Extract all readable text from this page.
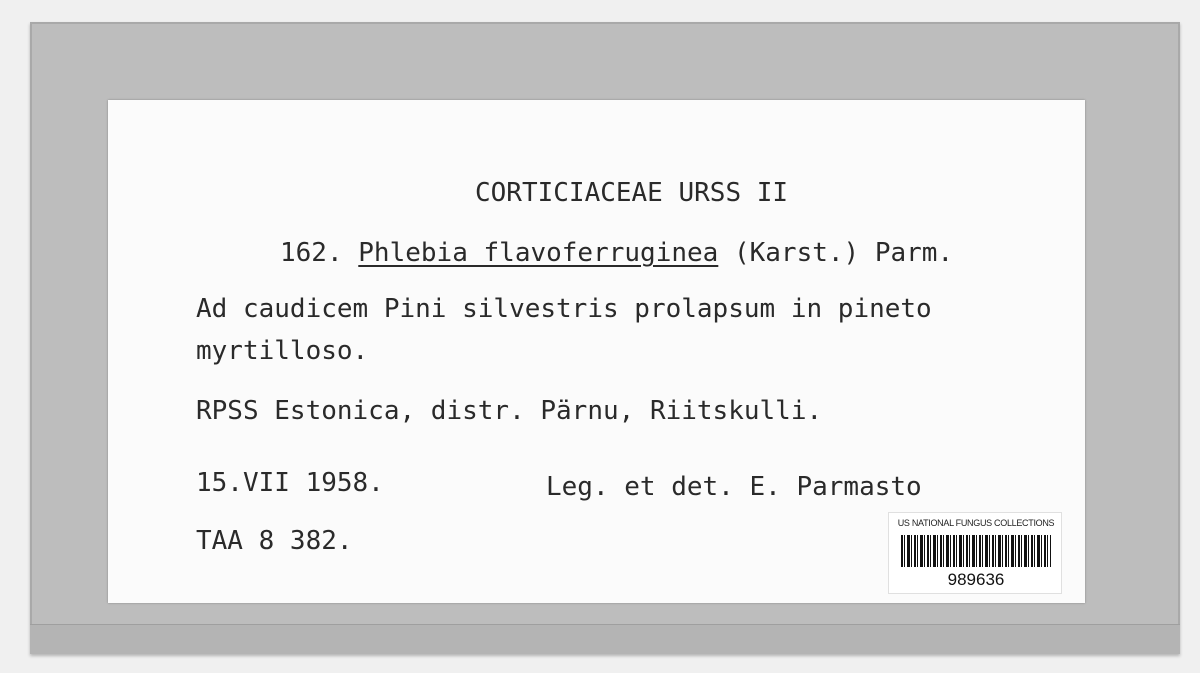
CORTICIACEAE URSS II
162. Phlebia flavoferruginea (Karst.) Parm.
Ad caudicem Pini silvestris prolapsum in pineto
myrtilloso.
RPSS Estonica, distr. Pärnu, Riitskulli.
15.VII 1958.	Leg. et det. E. Parmasto
TAA 8 382.
US NATIONAL FUNGUS COLLECTIONS
989636
